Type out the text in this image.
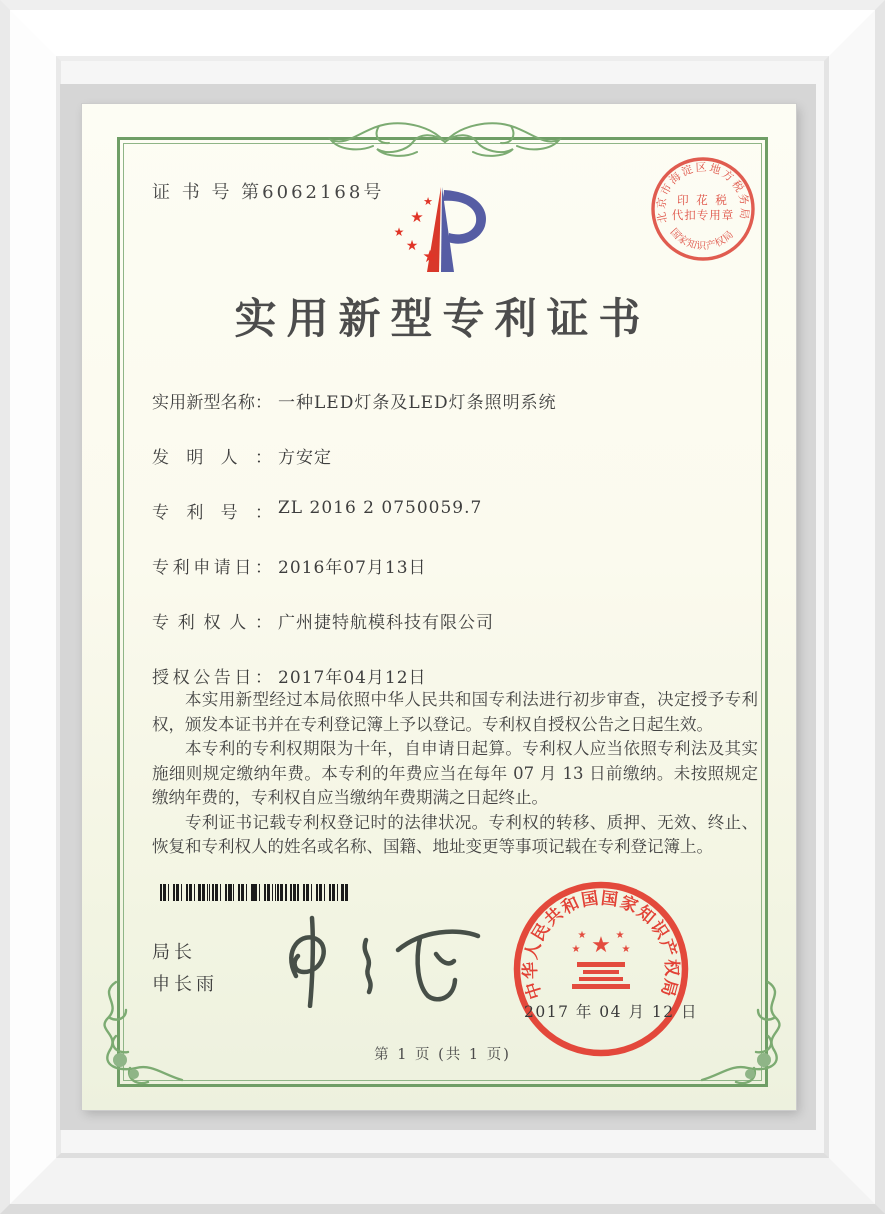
证 书 号 第6062168号	★
★
★
★
★
实用新型专利证书
实用新型名称： 一种LED灯条及LED灯条照明系统
发明人： 方安定
专利号： ZL 2016 2 0750059.7
专利申请日： 2016年07月13日
专利权人： 广州捷特航模科技有限公司
授权公告日： 2017年04月12日

本实用新型经过本局依照中华人民共和国专利法进行初步审查，决定授予专利权，颁发本证书并在专利登记簿上予以登记。专利权自授权公告之日起生效。

本专利的专利权期限为十年，自申请日起算。专利权人应当依照专利法及其实施细则规定缴纳年费。本专利的年费应当在每年 07 月 13 日前缴纳。未按照规定缴纳年费的，专利权自应当缴纳年费期满之日起终止。

专利证书记载专利权登记时的法律状况。专利权的转移、质押、无效、终止、恢复和专利权人的姓名或名称、国籍、地址变更等事项记载在专利登记簿上。

局长
申长雨	中华人民共和国国家知识产权局
★
★	★
★	★
2017 年 04 月 12 日
北京市海淀区地方税务局
印 花 税
代扣专用章
国家知识产权局
第 1 页 (共 1 页)
